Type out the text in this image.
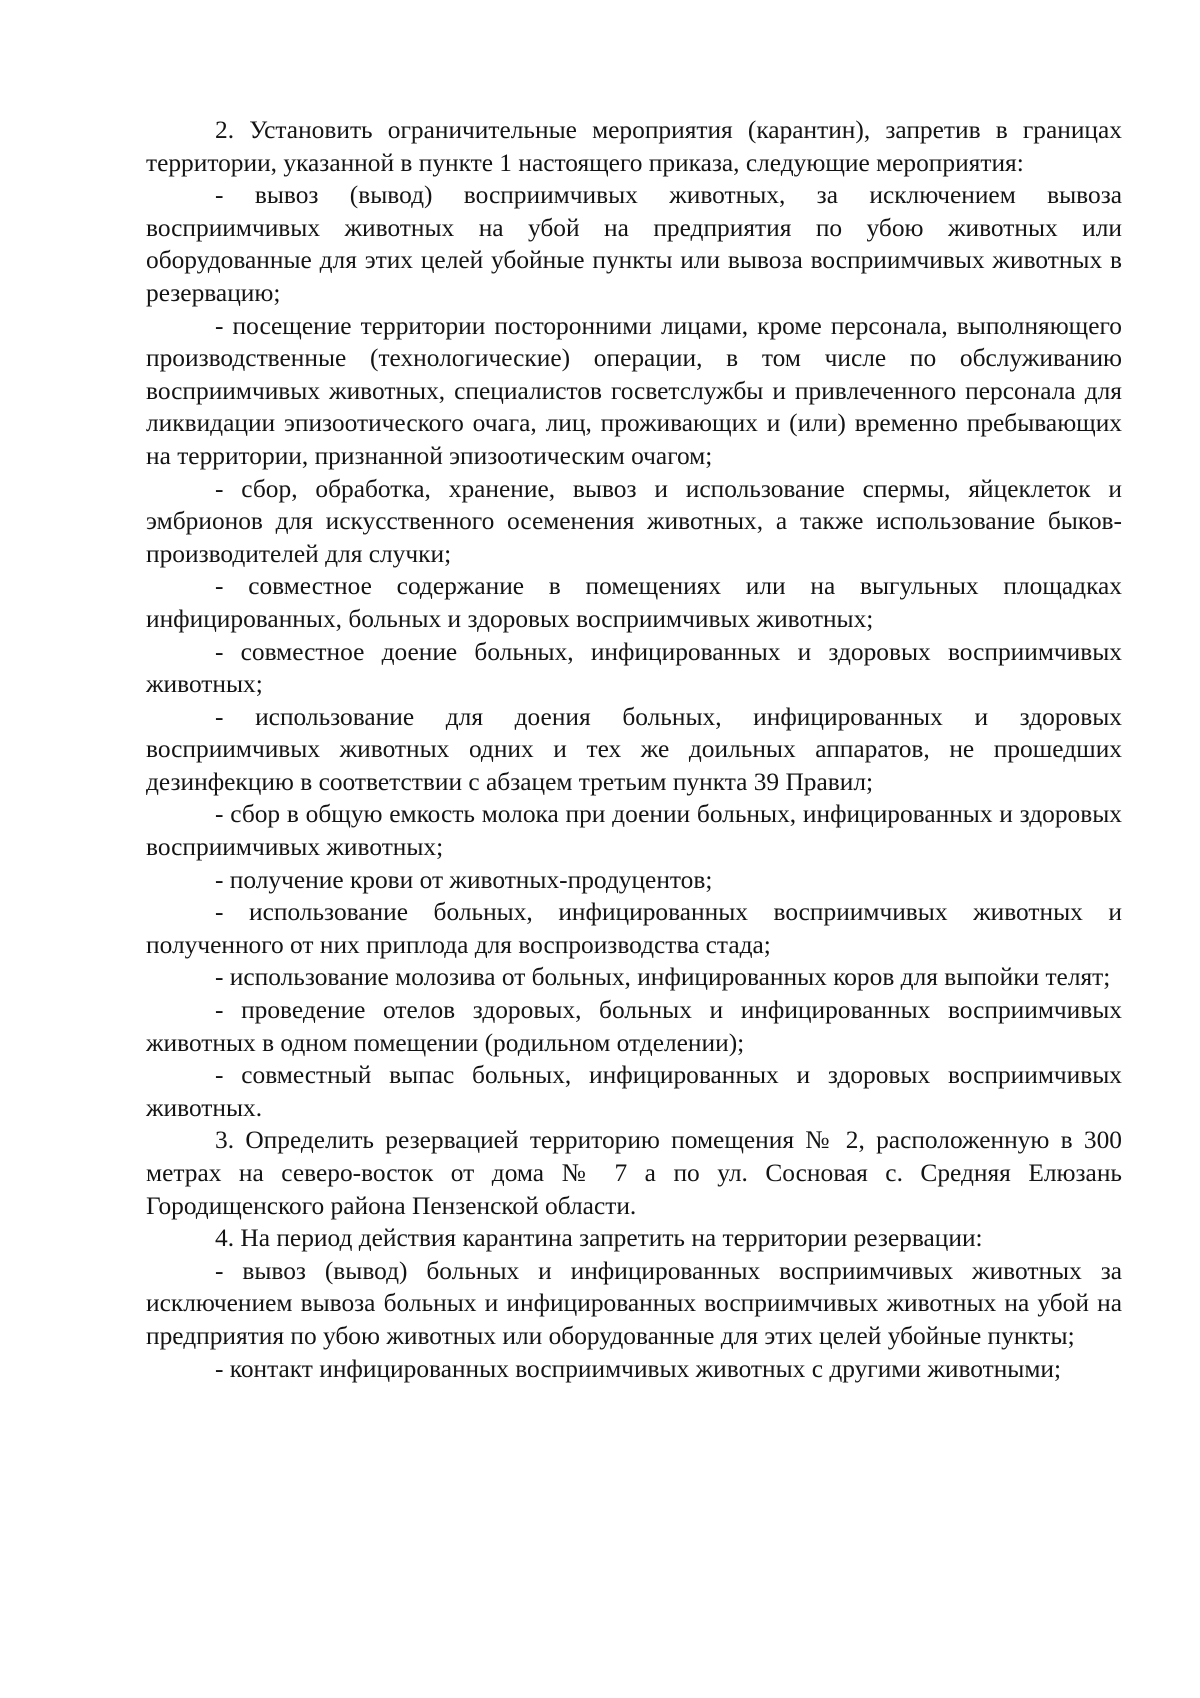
2. Установить ограничительные мероприятия (карантин), запретив в границах территории, указанной в пункте 1 настоящего приказа, следующие мероприятия:

- вывоз (вывод) восприимчивых животных, за исключением вывоза восприимчивых животных на убой на предприятия по убою животных или оборудованные для этих целей убойные пункты или вывоза восприимчивых животных в резервацию;

- посещение территории посторонними лицами, кроме персонала, выполняющего производственные (технологические) операции, в том числе по обслуживанию восприимчивых животных, специалистов госветслужбы и привлеченного персонала для ликвидации эпизоотического очага, лиц, проживающих и (или) временно пребывающих на территории, признанной эпизоотическим очагом;

- сбор, обработка, хранение, вывоз и использование спермы, яйцеклеток и эмбрионов для искусственного осеменения животных, а также использование быков-производителей для случки;

- совместное содержание в помещениях или на выгульных площадках инфицированных, больных и здоровых восприимчивых животных;

- совместное доение больных, инфицированных и здоровых восприимчивых животных;

- использование для доения больных, инфицированных и здоровых восприимчивых животных одних и тех же доильных аппаратов, не прошедших дезинфекцию в соответствии с абзацем третьим пункта 39 Правил;

- сбор в общую емкость молока при доении больных, инфицированных и здоровых восприимчивых животных;

- получение крови от животных-продуцентов;

- использование больных, инфицированных восприимчивых животных и полученного от них приплода для воспроизводства стада;

- использование молозива от больных, инфицированных коров для выпойки телят;

- проведение отелов здоровых, больных и инфицированных восприимчивых животных в одном помещении (родильном отделении);

- совместный выпас больных, инфицированных и здоровых восприимчивых животных.

3. Определить резервацией территорию помещения № 2, расположенную в 300 метрах на северо-восток от дома № 7 а по ул. Сосновая с. Средняя Елюзань Городищенского района Пензенской области.

4. На период действия карантина запретить на территории резервации:

- вывоз (вывод) больных и инфицированных восприимчивых животных за исключением вывоза больных и инфицированных восприимчивых животных на убой на предприятия по убою животных или оборудованные для этих целей убойные пункты;

- контакт инфицированных восприимчивых животных с другими животными;
